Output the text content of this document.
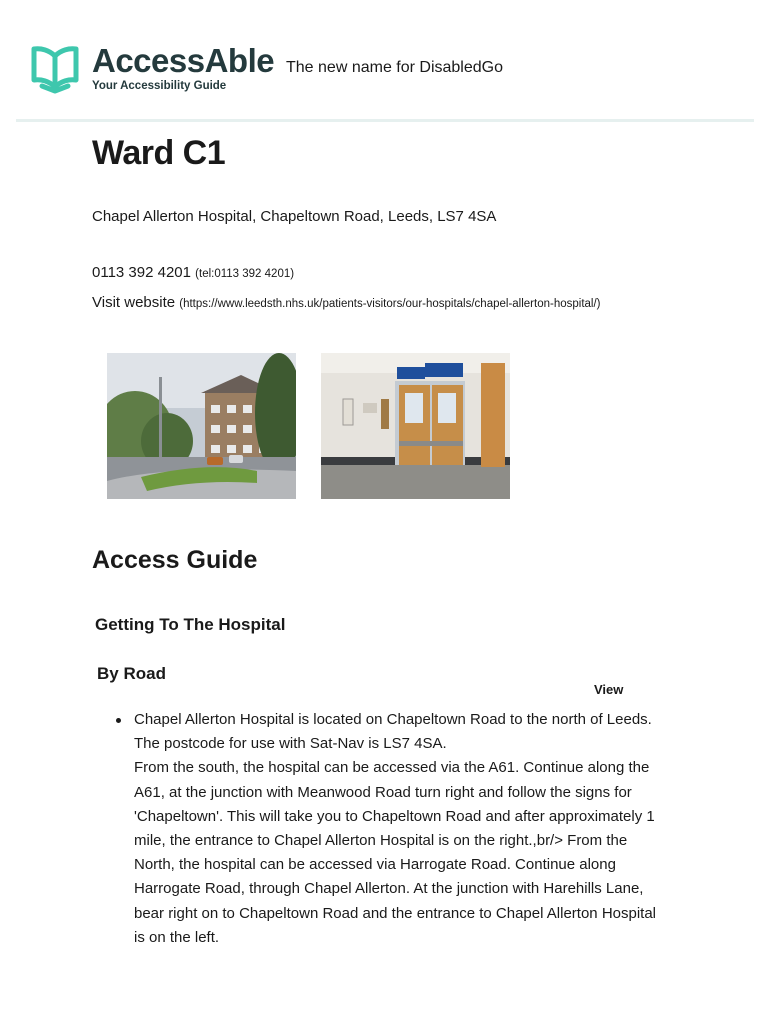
AccessAble
Your Accessibility Guide
The new name for DisabledGo
Ward C1
Chapel Allerton Hospital, Chapeltown Road, Leeds, LS7 4SA
0113 392 4201 (tel:0113 392 4201)
Visit website (https://www.leedsth.nhs.uk/patients-visitors/our-hospitals/chapel-allerton-hospital/)
Access Guide
Getting To The Hospital
By Road
View
Chapel Allerton Hospital is located on Chapeltown Road to the north of Leeds.
The postcode for use with Sat-Nav is LS7 4SA.
From the south, the hospital can be accessed via the A61. Continue along the A61, at the junction with Meanwood Road turn right and follow the signs for 'Chapeltown'. This will take you to Chapeltown Road and after approximately 1 mile, the entrance to Chapel Allerton Hospital is on the right.,br/> From the North, the hospital can be accessed via Harrogate Road. Continue along Harrogate Road, through Chapel Allerton. At the junction with Harehills Lane, bear right on to Chapeltown Road and the entrance to Chapel Allerton Hospital is on the left.
